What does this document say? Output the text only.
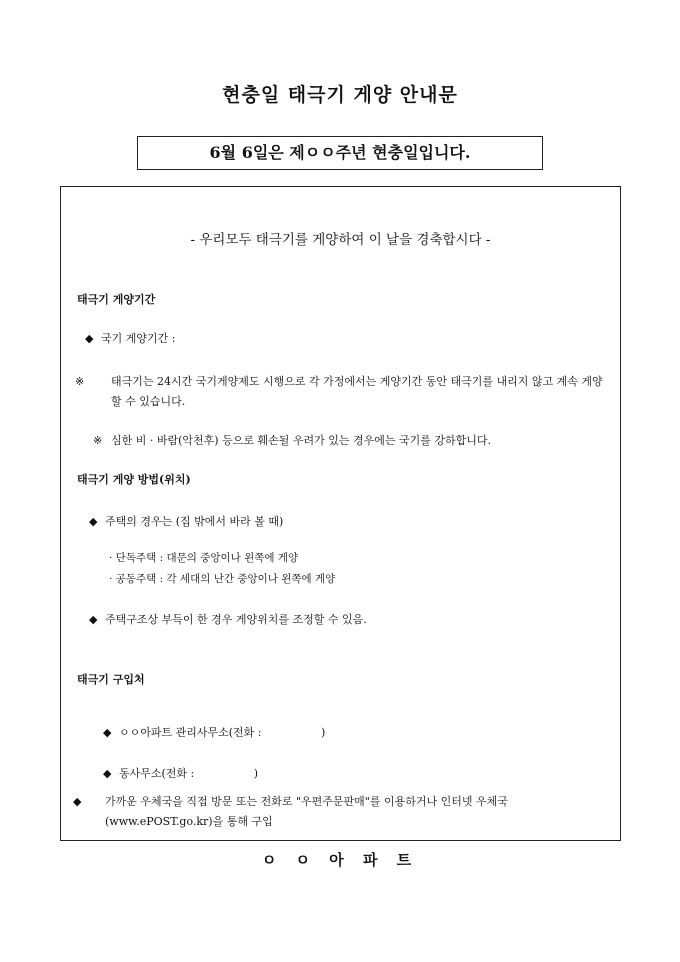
현충일 태극기 게양 안내문
6월 6일은 제ㅇㅇ주년 현충일입니다.
- 우리모두 태극기를 게양하여 이 날을 경축합시다 -
태극기 게양기간
◆ 국기 게양기간 :
※ 태극기는 24시간 국기게양제도 시행으로 각 가정에서는 게양기간 동안 태극기를 내리지 않고 계속 게양할 수 있습니다.
※ 심한 비 · 바람(악천후) 등으로 훼손될 우려가 있는 경우에는 국기를 강하합니다.
태극기 게양 방법(위치)
◆ 주택의 경우는 (집 밖에서 바라 볼 때)
· 단독주택 : 대문의 중앙이나 왼쪽에 게양
· 공동주택 : 각 세대의 난간 중앙이나 왼쪽에 게양
◆ 주택구조상 부득이 한 경우 게양위치를 조정할 수 있음.
태극기 구입처

◆ ㅇㅇ아파트 관리사무소(전화 :                 )

◆ 동사무소(전화 :                 )

◆ 가까운 우체국을 직접 방문 또는 전화로 "우편주문판매"를 이용하거나 인터넷 우체국 (www.ePOST.go.kr)을 통해 구입
ㅇ ㅇ 아 파 트
